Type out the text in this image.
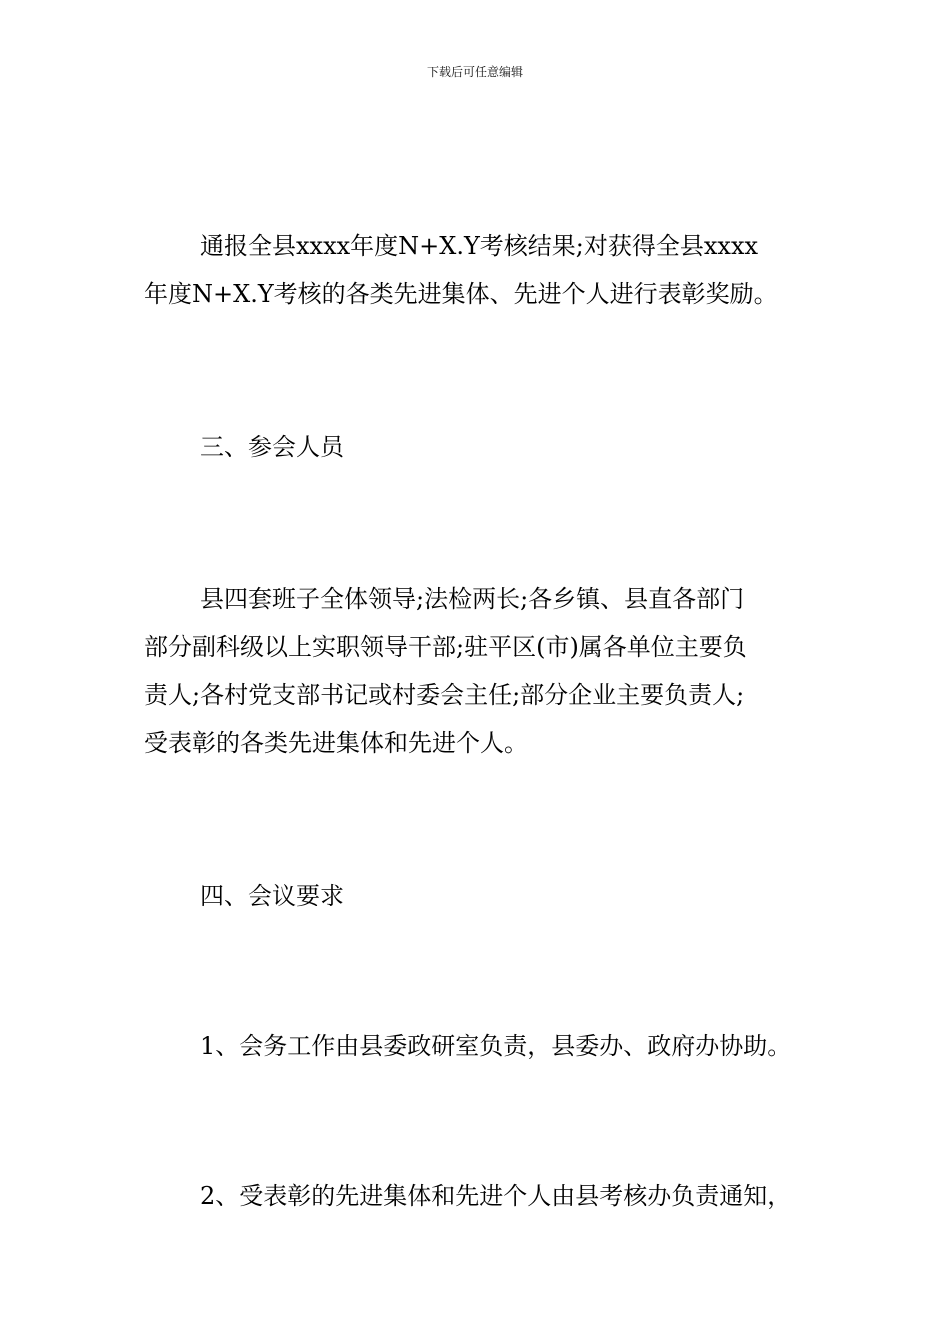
下载后可任意编辑
通报全县xxxx年度N+X.Y考核结果;对获得全县xxxx
年度N+X.Y考核的各类先进集体、先进个人进行表彰奖励。
三、参会人员
县四套班子全体领导;法检两长;各乡镇、县直各部门
部分副科级以上实职领导干部;驻平区(市)属各单位主要负
责人;各村党支部书记或村委会主任;部分企业主要负责人;
受表彰的各类先进集体和先进个人。
四、会议要求
1、会务工作由县委政研室负责，县委办、政府办协助。
2、受表彰的先进集体和先进个人由县考核办负责通知，
